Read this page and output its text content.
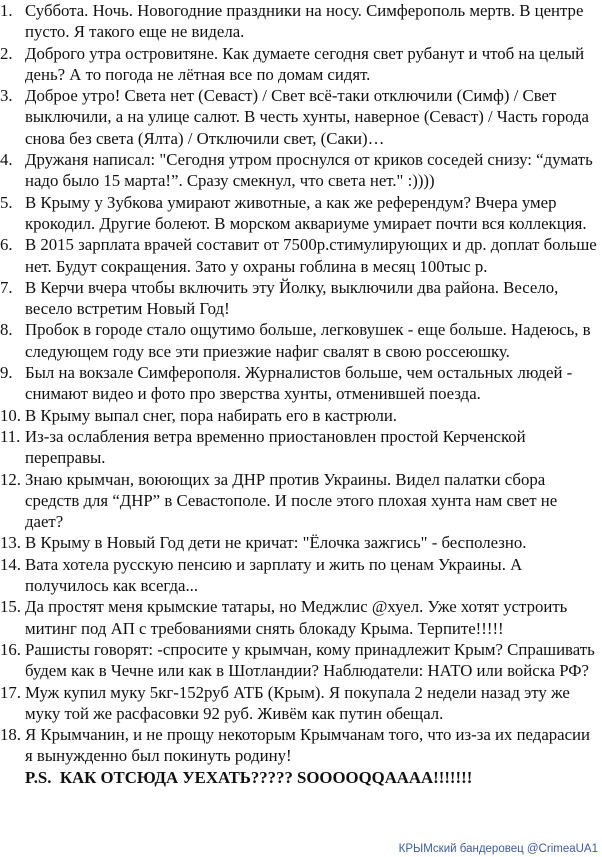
1. Суббота. Ночь. Новогодние праздники на носу. Симферополь мертв. В центре пусто. Я такого еще не видела.
2. Доброго утра островитяне. Как думаете сегодня свет рубанут и чтоб на целый день? А то погода не лётная все по домам сидят.
3. Доброе утро! Света нет (Севаст) / Свет всё-таки отключили (Симф) / Свет выключили, а на улице салют. В честь хунты, наверное (Севаст) / Часть города снова без света (Ялта) / Отключили свет, (Саки)…
4. Дружаня написал: "Сегодня утром проснулся от криков соседей снизу: “думать надо было 15 марта!”. Сразу смекнул, что света нет." :))))
5. В Крыму у Зубкова умирают животные, а как же референдум? Вчера умер крокодил. Другие болеют. В морском аквариуме умирает почти вся коллекция.
6. В 2015 зарплата врачей составит от 7500р.стимулирующих и др. доплат больше нет. Будут сокращения. Зато у охраны гоблина в месяц 100тыс р.
7. В Керчи вчера чтобы включить эту Йолку, выключили два района. Весело, весело встретим Новый Год!
8. Пробок в городе стало ощутимо больше, легковушек - еще больше. Надеюсь, в следующем году все эти приезжие нафиг свалят в свою россеюшку.
9. Был на вокзале Симферополя. Журналистов больше, чем остальных людей - снимают видео и фото про зверства хунты, отменившей поезда.
10. В Крыму выпал снег, пора набирать его в кастрюли.
11. Из-за ослабления ветра временно приостановлен простой Керченской переправы.
12. Знаю крымчан, воюющих за ДНР против Украины. Видел палатки сбора средств для “ДНР” в Севастополе. И после этого плохая хунта нам свет не дает?
13. В Крыму в Новый Год дети не кричат: "Ёлочка зажгись" - бесполезно.
14. Вата хотела русскую пенсию и зарплату и жить по ценам Украины. А получилось как всегда...
15. Да простят меня крымские татары, но Меджлис @хуел. Уже хотят устроить митинг под АП с требованиями снять блокаду Крыма. Терпите!!!!!
16. Рашисты говорят: -спросите у крымчан, кому принадлежит Крым? Спрашивать будем как в Чечне или как в Шотландии? Наблюдатели: НАТО или войска РФ?
17. Муж купил муку 5кг-152руб АТБ (Крым). Я покупала 2 недели назад эту же муку той же расфасовки 92 руб. Живём как путин обещал.
18. Я Крымчанин, и не прощу некоторым Крымчанам того, что из-за их педарасии я вынужденно был покинуть родину!
P.S. КАК ОТСЮДА УЕХАТЬ????? SOOOOQQAAAA!!!!!!!
КРЫМский бандеровец @CrimeaUA1
